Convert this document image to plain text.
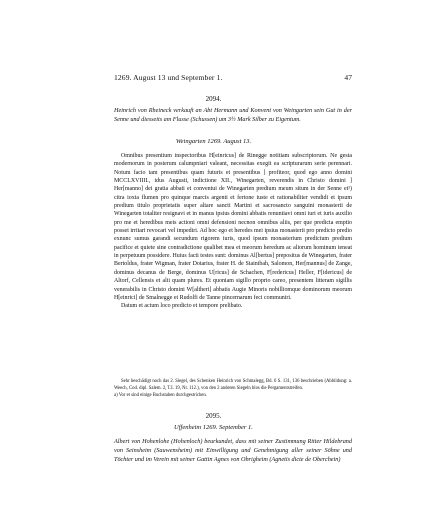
1269. August 13 und September 1.	47
2094.

Heinrich von Rheineck verkauft an Abt Hermann und Konvent von Weingarten sein Gut in der Senne und diesseits am Flusse (Schussen) um 3½ Mark Silber zu Eigentum.

Weingarten 1269. August 13.

Omnibus presentium inspectoribus H[einricus] de Rinegge notitiam subscriptorum. Ne gesta modernorum in posterum calumpniari valeant, necessitas exegit ea scripturarum serie perennari. Notum facio tam presentibus quam futuris et presentibus ] profiteor, quod ego anno domini MCCLXVIIII., idus Augusti, indictione XII., Winegarten, reverendis in Christo domini ] Her[manno] dei gratia abbati et conventui de Winegarten predium meum situm in der Senne et¹) citra ioxta flumen pro quinque marcis argenti et fertone iuste et rationabiliter vendidi et ipsum predium titulo proprietatis super altare sancti Martini et sacrosancto sanguini monasterii de Winegarten totaliter resignavi et in manus ipsius domini abbatis renuntiavi omni iuri et iuris auxilio pro me et heredibus meis actioni omni defensioni necnon omnibus aliis, per que predicta emptio posset irritari revocari vel impediri. Ad hoc ego et heredes mei ipsius monasterii pro predicto predio exnunc sumus garandi secundum rigorem iuris, quod ipsum monasterium predictum predium pacifice et quiete sine contradictione qualibet mea et meorum heredum ac aliorum hominum teneat in perpetuum possidere. Huius facti testes sunt: dominus Al[bertus] prepositus de Winegarten, frater Bertoldus, frater Wigman, frater Dotarius, frater H. de Stainibah, Salomon, Her[mannus] de Zange, dominus decanus de Berge, dominus U[ricus] de Schachen, F[redericus] Heller, F[idericus] de Altorf, Cellensis et alii quam plures. Et quoniam sigillo proprio careo, presentem litteram sigillis venerabilis in Christo domini W[altheri] abbatis Augie Minoris nobilliomque dominorum meorum H[einrici] de Smalnegge et Rudolfi de Tanne pincernarum feci communiri.

Datum et actum loco predicto et tempore prelibato.

Sehr beschädigt noch das 2. Siegel, des Schenken Heinrich von Schmalegg, Bd. 6 S. 131, 136 beschrieben (Abbildung: a. Weech, Cod. dipl. Salem. 2, T.I. 19, Nr. 112.), von den 2 anderen Siegeln blos die Pergamentstreifen.

a) Vor et sind einige Buchstaben durchgestrichen.

2095.
Uffenheim 1269. September 1.

Albert von Hohenlohe (Hohenloch) beurkundet, dass mit seiner Zustimmung Ritter Hildebrand von Seinsheim (Sauwensheim) mit Einwilligung und Genehmigung aller seiner Söhne und Töchter und im Verein mit seiner Gattin Agnes von Obrigheim (Agnetis dicte de Oberchein)
